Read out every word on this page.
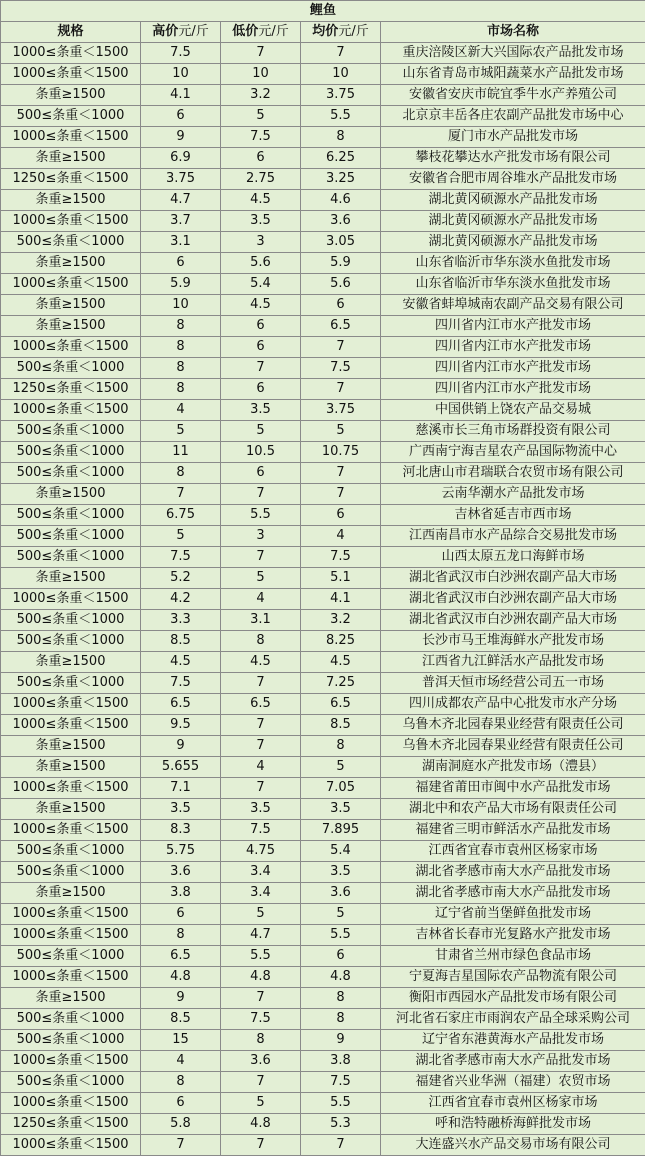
鲤鱼				
规格	高价元/斤	低价元/斤	均价元/斤	市场名称
1000≤条重＜1500	7.5	7	7	重庆涪陵区新大兴国际农产品批发市场
1000≤条重＜1500	10	10	10	山东省青岛市城阳蔬菜水产品批发市场
条重≥1500	4.1	3.2	3.75	安徽省安庆市皖宜季牛水产养殖公司
500≤条重＜1000	6	5	5.5	北京京丰岳各庄农副产品批发市场中心
1000≤条重＜1500	9	7.5	8	厦门市水产品批发市场
条重≥1500	6.9	6	6.25	攀枝花攀达水产批发市场有限公司
1250≤条重＜1500	3.75	2.75	3.25	安徽省合肥市周谷堆水产品批发市场
条重≥1500	4.7	4.5	4.6	湖北黄冈硕源水产品批发市场
1000≤条重＜1500	3.7	3.5	3.6	湖北黄冈硕源水产品批发市场
500≤条重＜1000	3.1	3	3.05	湖北黄冈硕源水产品批发市场
条重≥1500	6	5.6	5.9	山东省临沂市华东淡水鱼批发市场
1000≤条重＜1500	5.9	5.4	5.6	山东省临沂市华东淡水鱼批发市场
条重≥1500	10	4.5	6	安徽省蚌埠城南农副产品交易有限公司
条重≥1500	8	6	6.5	四川省内江市水产批发市场
1000≤条重＜1500	8	6	7	四川省内江市水产批发市场
500≤条重＜1000	8	7	7.5	四川省内江市水产批发市场
1250≤条重＜1500	8	6	7	四川省内江市水产批发市场
1000≤条重＜1500	4	3.5	3.75	中国供销上饶农产品交易城
500≤条重＜1000	5	5	5	慈溪市长三角市场群投资有限公司
500≤条重＜1000	11	10.5	10.75	广西南宁海吉星农产品国际物流中心
500≤条重＜1000	8	6	7	河北唐山市君瑞联合农贸市场有限公司
条重≥1500	7	7	7	云南华潮水产品批发市场
500≤条重＜1000	6.75	5.5	6	吉林省延吉市西市场
500≤条重＜1000	5	3	4	江西南昌市水产品综合交易批发市场
500≤条重＜1000	7.5	7	7.5	山西太原五龙口海鲜市场
条重≥1500	5.2	5	5.1	湖北省武汉市白沙洲农副产品大市场
1000≤条重＜1500	4.2	4	4.1	湖北省武汉市白沙洲农副产品大市场
500≤条重＜1000	3.3	3.1	3.2	湖北省武汉市白沙洲农副产品大市场
500≤条重＜1000	8.5	8	8.25	长沙市马王堆海鲜水产批发市场
条重≥1500	4.5	4.5	4.5	江西省九江鲜活水产品批发市场
500≤条重＜1000	7.5	7	7.25	普洱天恒市场经营公司五一市场
1000≤条重＜1500	6.5	6.5	6.5	四川成都农产品中心批发市水产分场
1000≤条重＜1500	9.5	7	8.5	乌鲁木齐北园春果业经营有限责任公司
条重≥1500	9	7	8	乌鲁木齐北园春果业经营有限责任公司
条重≥1500	5.655	4	5	湖南洞庭水产批发市场（澧县）
1000≤条重＜1500	7.1	7	7.05	福建省莆田市闽中水产品批发市场
条重≥1500	3.5	3.5	3.5	湖北中和农产品大市场有限责任公司
1000≤条重＜1500	8.3	7.5	7.895	福建省三明市鲜活水产品批发市场
500≤条重＜1000	5.75	4.75	5.4	江西省宜春市袁州区杨家市场
500≤条重＜1000	3.6	3.4	3.5	湖北省孝感市南大水产品批发市场
条重≥1500	3.8	3.4	3.6	湖北省孝感市南大水产品批发市场
1000≤条重＜1500	6	5	5	辽宁省前当堡鲜鱼批发市场
1000≤条重＜1500	8	4.7	5.5	吉林省长春市光复路水产批发市场
500≤条重＜1000	6.5	5.5	6	甘肃省兰州市绿色食品市场
1000≤条重＜1500	4.8	4.8	4.8	宁夏海吉星国际农产品物流有限公司
条重≥1500	9	7	8	衡阳市西园水产品批发市场有限公司
500≤条重＜1000	8.5	7.5	8	河北省石家庄市雨润农产品全球采购公司
500≤条重＜1000	15	8	9	辽宁省东港黄海水产品批发市场
1000≤条重＜1500	4	3.6	3.8	湖北省孝感市南大水产品批发市场
500≤条重＜1000	8	7	7.5	福建省兴业华洲（福建）农贸市场
1000≤条重＜1500	6	5	5.5	江西省宜春市袁州区杨家市场
1250≤条重＜1500	5.8	4.8	5.3	呼和浩特融桥海鲜批发市场
1000≤条重＜1500	7	7	7	大连盛兴水产品交易市场有限公司
